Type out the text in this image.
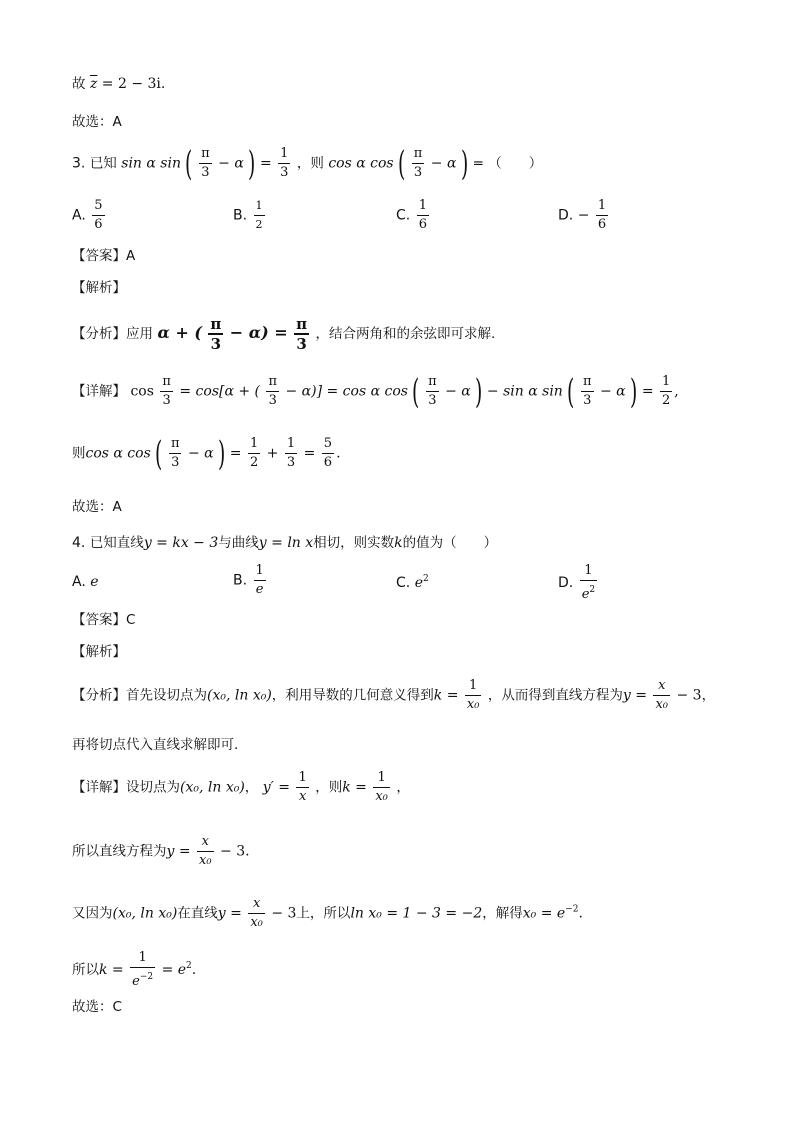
故 $\overline{z} = 2 - 3i$.
故选：A
3. 已知 sin α sin ( $\frac{\pi}{3} - \alpha$ ) = $\frac{1}{3}$ ，则 cos α cos ( $\frac{\pi}{3} - \alpha$ ) = （　　）
A. $\frac{5}{6}$	B. $\frac{1}{2}$	C. $\frac{1}{6}$	D. − $\frac{1}{6}$
【答案】A
【解析】
【分析】应用 α + ( $\frac{\pi}{3} - \alpha) = \frac{\pi}{3}$ ，结合两角和的余弦即可求解.
【详解】 $\cos \frac{\pi}{3} = \cos[\alpha$ + ( $\frac{\pi}{3} - \alpha)] = \cos \alpha$ cos ( $\frac{\pi}{3} - \alpha$ ) − sin α sin ( $\frac{\pi}{3} - \alpha$ ) = $\frac{1}{2}$ ,
则cos α cos ( $\frac{\pi}{3} - \alpha$ ) = $\frac{1}{2} + \frac{1}{3} = \frac{5}{6}$ .
故选：A
4. 已知直线y = kx − 3与曲线y = ln x相切，则实数k的值为（　　）
A. e	B. $\frac{1}{e}$	C. $e^2$	D. $\frac{1}{e^2}$
【答案】C
【解析】
【分析】首先设切点为(x₀, ln x₀)，利用导数的几何意义得到$k = \frac{1}{\text{x₀}}$ ，从而得到直线方程为$y = \frac{x}{\text{x₀}} - 3$，
再将切点代入直线求解即可.
【详解】设切点为(x₀, ln x₀)， $y' = \frac{1}{x}$ ，则$k = \frac{1}{\text{x₀}}$ ，
所以直线方程为$y = \frac{x}{\text{x₀}} - 3$.
又因为(x₀, ln x₀)在直线$y = \frac{x}{\text{x₀}} - 3$上，所以ln x₀ = 1 − 3 = −2，解得$x_0 = e^{-2}$.
所以$k = \frac{1}{e^{-2}} = e^2$.
故选：C
